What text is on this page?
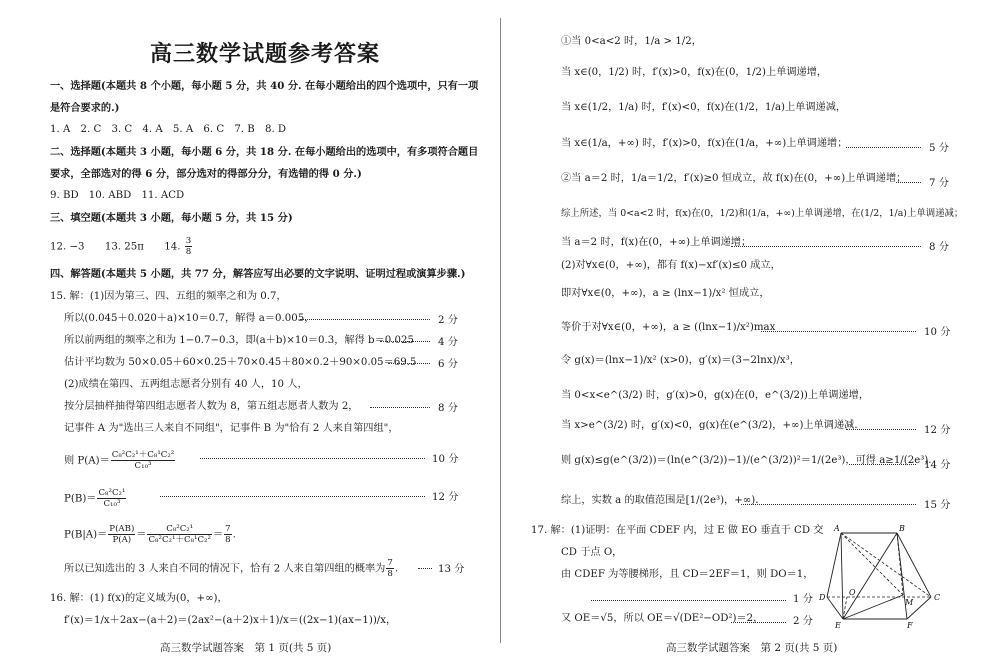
高三数学试题参考答案
一、选择题(本题共 8 个小题，每小题 5 分，共 40 分. 在每小题给出的四个选项中，只有一项
是符合要求的.)
1. A　2. C　3. C　4. A　5. A　6. C　7. B　8. D
二、选择题(本题共 3 小题，每小题 6 分，共 18 分. 在每小题给出的选项中，有多项符合题目
要求，全部选对的得 6 分，部分选对的得部分分，有选错的得 0 分.)
9. BD　10. ABD　11. ACD
三、填空题(本题共 3 小题，每小题 5 分，共 15 分)
12. −3　　13. 25π　　14. $\frac{3}{8}$
四、解答题(本题共 5 小题，共 77 分，解答应写出必要的文字说明、证明过程或演算步骤.)
15. 解：(1)因为第三、四、五组的频率之和为 0.7，
所以(0.045＋0.020＋a)×10＝0.7，解得 a＝0.005，
所以前两组的频率之和为 1−0.7−0.3，即(a＋b)×10＝0.3，解得 b＝0.025
估计平均数为 50×0.05＋60×0.25＋70×0.45＋80×0.2＋90×0.05＝69.5
(2)成绩在第四、五两组志愿者分别有 40 人，10 人，
按分层抽样抽得第四组志愿者人数为 8，第五组志愿者人数为 2，
记事件 A 为"选出三人来自不同组"，记事件 B 为"恰有 2 人来自第四组"，
则 $P(A)= \frac{\text{C₈²C₂¹＋C₈¹C₂²}}{\text{C₁₀³}}$
$P(B)= \frac{\text{C₈²C₂¹}}{\text{C₁₀³}}$
$P(B|A)= \frac{P(AB)}{P(A)} = \frac{\text{C₈²C₂¹}}{\text{C₈²C₂¹＋C₈¹C₂²}} = \frac{7}{8}$ .
所以已知选出的 3 人来自不同的情况下，恰有 2 人来自第四组的概率为 $\frac{7}{8}$ .
16. 解：(1) f(x)的定义域为(0，+∞)，
f′(x)＝1/x＋2ax−(a＋2)＝(2ax²−(a＋2)x＋1)/x＝((2x−1)(ax−1))/x，
2 分
4 分
6 分
8 分
10 分
12 分
13 分
高三数学试题答案　第 1 页(共 5 页)
①当 0<a<2 时，1/a > 1/2，
当 x∈(0，1/2) 时，f′(x)>0，f(x)在(0，1/2)上单调递增，
当 x∈(1/2，1/a) 时，f′(x)<0，f(x)在(1/2，1/a)上单调递减，
当 x∈(1/a，+∞) 时，f′(x)>0，f(x)在(1/a，+∞)上单调递增；
②当 a＝2 时，1/a＝1/2，f′(x)≥0 恒成立，故 f(x)在(0，+∞)上单调递增；
综上所述，当 0<a<2 时，f(x)在(0，1/2)和(1/a，+∞)上单调递增，在(1/2，1/a)上单调递减；
当 a＝2 时，f(x)在(0，+∞)上单调递增；
(2)对∀x∈(0，+∞)，都有 f(x)−xf′(x)≤0 成立，
即对∀x∈(0，+∞)，a ≥ (lnx−1)/x² 恒成立，
等价于对∀x∈(0，+∞)，a ≥ ((lnx−1)/x²)max
令 g(x)＝(lnx−1)/x² (x>0)，g′(x)＝(3−2lnx)/x³，
当 0<x<e^(3/2) 时，g′(x)>0，g(x)在(0，e^(3/2))上单调递增，
当 x>e^(3/2) 时，g′(x)<0，g(x)在(e^(3/2)，+∞)上单调递减.
则 g(x)≤g(e^(3/2))＝(ln(e^(3/2))−1)/(e^(3/2))²＝1/(2e³)，可得 a≥1/(2e³).
综上，实数 a 的取值范围是[1/(2e³)，+∞).
17. 解：(1)证明：在平面 CDEF 内，过 E 做 EO 垂直于 CD 交
CD 于点 O，
由 CDEF 为等腰梯形，且 CD＝2EF＝1，则 DO＝1，
又 OE＝√5，所以 OE＝√(DE²−OD²)＝2，
5 分
7 分
8 分
10 分
12 分
14 分
15 分
1 分
2 分
A	B
D
O
M
C
E	F
高三数学试题答案　第 2 页(共 5 页)
